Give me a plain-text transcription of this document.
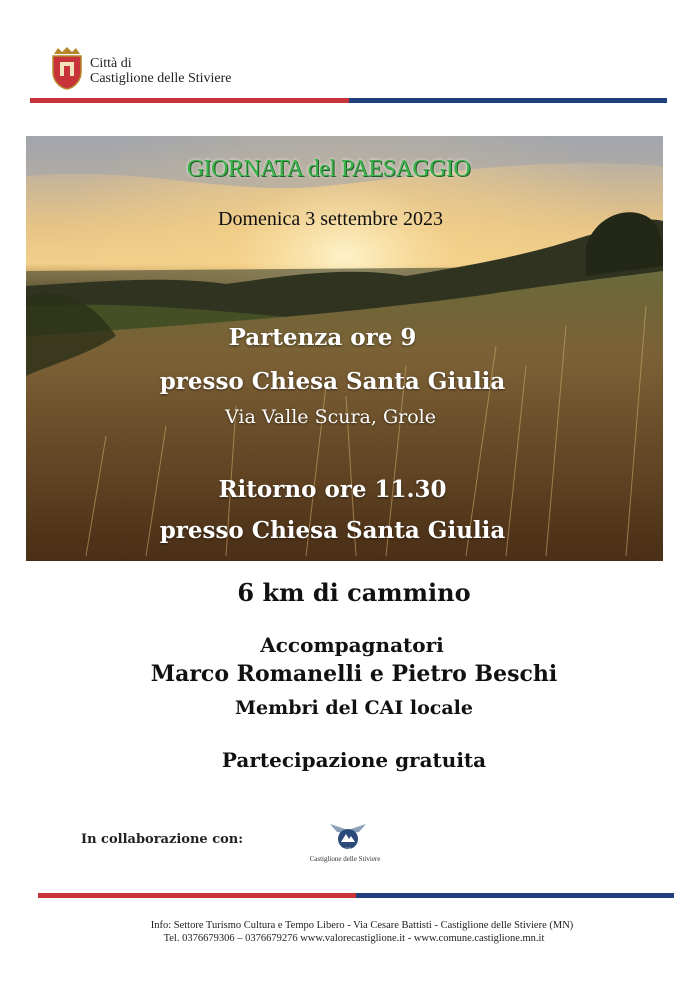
Città di
Castiglione delle Stiviere
GIORNATA del PAESAGGIO
Domenica 3 settembre 2023
Partenza ore 9
presso Chiesa Santa Giulia
Via Valle Scura, Grole
Ritorno ore 11.30
presso Chiesa Santa Giulia
6 km di cammino
Accompagnatori
Marco Romanelli e Pietro Beschi
Membri del CAI locale
Partecipazione gratuita
In collaborazione con:
CAI
Castiglione delle Stiviere
Info: Settore Turismo Cultura e Tempo Libero - Via Cesare Battisti - Castiglione delle Stiviere (MN)
Tel. 0376679306 – 0376679276 www.valorecastiglione.it - www.comune.castiglione.mn.it
